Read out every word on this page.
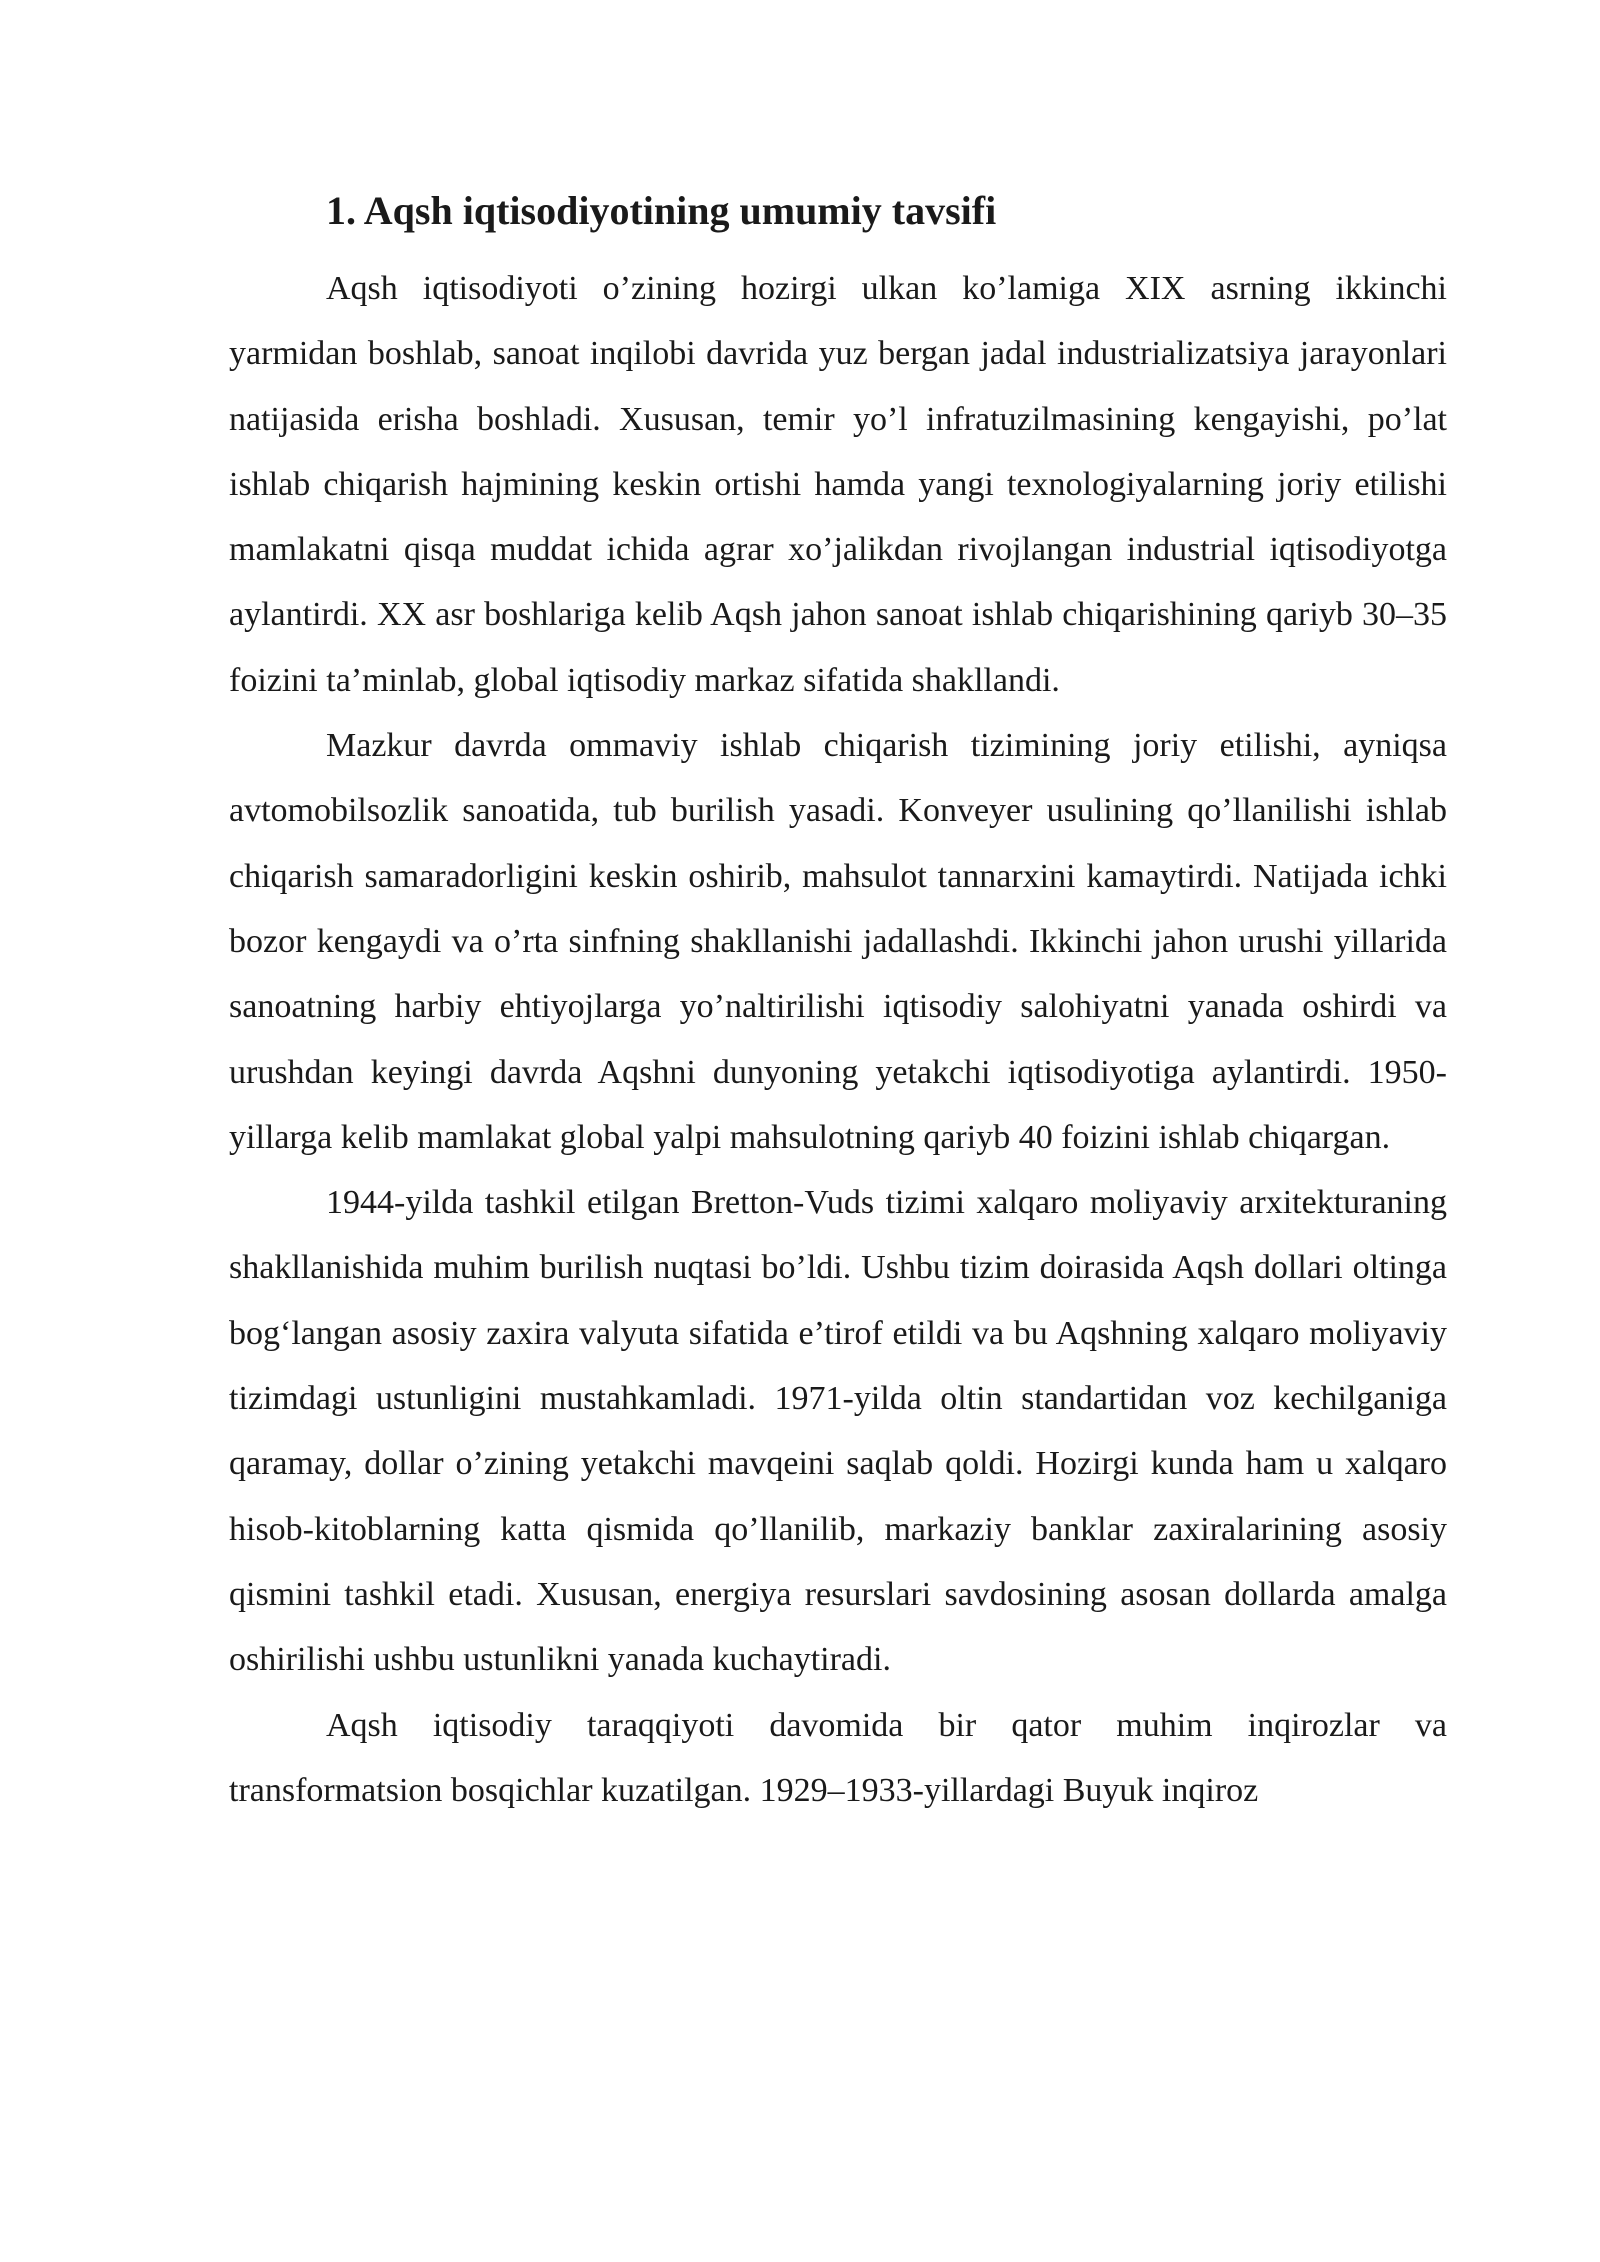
1. Aqsh iqtisodiyotining umumiy tavsifi

Aqsh iqtisodiyoti o’zining hozirgi ulkan ko’lamiga XIX asrning ikkinchi yarmidan boshlab, sanoat inqilobi davrida yuz bergan jadal industrializatsiya jarayonlari natijasida erisha boshladi. Xususan, temir yo’l infratuzilmasining kengayishi, po’lat ishlab chiqarish hajmining keskin ortishi hamda yangi texnologiyalarning joriy etilishi mamlakatni qisqa muddat ichida agrar xo’jalikdan rivojlangan industrial iqtisodiyotga aylantirdi. XX asr boshlariga kelib Aqsh jahon sanoat ishlab chiqarishining qariyb 30–35 foizini ta’minlab, global iqtisodiy markaz sifatida shakllandi.

Mazkur davrda ommaviy ishlab chiqarish tizimining joriy etilishi, ayniqsa avtomobilsozlik sanoatida, tub burilish yasadi. Konveyer usulining qo’llanilishi ishlab chiqarish samaradorligini keskin oshirib, mahsulot tannarxini kamaytirdi. Natijada ichki bozor kengaydi va o’rta sinfning shakllanishi jadallashdi. Ikkinchi jahon urushi yillarida sanoatning harbiy ehtiyojlarga yo’naltirilishi iqtisodiy salohiyatni yanada oshirdi va urushdan keyingi davrda Aqshni dunyoning yetakchi iqtisodiyotiga aylantirdi. 1950-yillarga kelib mamlakat global yalpi mahsulotning qariyb 40 foizini ishlab chiqargan.

1944-yilda tashkil etilgan Bretton-Vuds tizimi xalqaro moliyaviy arxitekturaning shakllanishida muhim burilish nuqtasi bo’ldi. Ushbu tizim doirasida Aqsh dollari oltinga bog‘langan asosiy zaxira valyuta sifatida e’tirof etildi va bu Aqshning xalqaro moliyaviy tizimdagi ustunligini mustahkamladi. 1971-yilda oltin standartidan voz kechilganiga qaramay, dollar o’zining yetakchi mavqeini saqlab qoldi. Hozirgi kunda ham u xalqaro hisob-kitoblarning katta qismida qo’llanilib, markaziy banklar zaxiralarining asosiy qismini tashkil etadi. Xususan, energiya resurslari savdosining asosan dollarda amalga oshirilishi ushbu ustunlikni yanada kuchaytiradi.

Aqsh iqtisodiy taraqqiyoti davomida bir qator muhim inqirozlar va transformatsion bosqichlar kuzatilgan. 1929–1933-yillardagi Buyuk inqiroz
